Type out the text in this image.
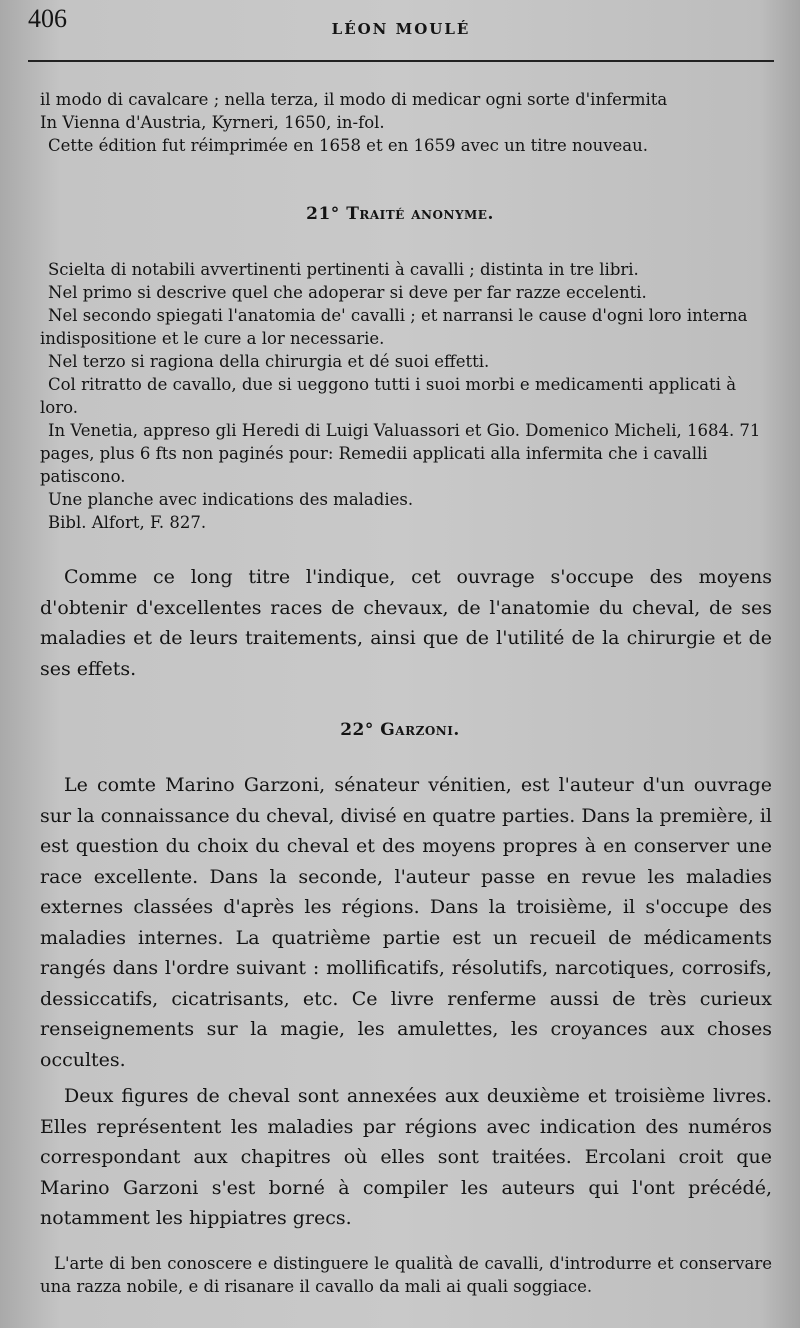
406	LÉON MOULÉ

il modo di cavalcare ; nella terza, il modo di medicar ogni sorte d'infermita

In Vienna d'Austria, Kyrneri, 1650, in-fol.

Cette édition fut réimprimée en 1658 et en 1659 avec un titre nouveau.

21° Traité anonyme.

Scielta di notabili avvertinenti pertinenti à cavalli ; distinta in tre libri.

Nel primo si descrive quel che adoperar si deve per far razze eccelenti.

Nel secondo spiegati l'anatomia de' cavalli ; et narransi le cause d'ogni loro interna indispositione et le cure a lor necessarie.

Nel terzo si ragiona della chirurgia et dé suoi effetti.

Col ritratto de cavallo, due si ueggono tutti i suoi morbi e medicamenti applicati à loro.

In Venetia, appreso gli Heredi di Luigi Valuassori et Gio. Domenico Micheli, 1684. 71 pages, plus 6 fts non paginés pour: Remedii applicati alla infermita che i cavalli patiscono.

Une planche avec indications des maladies.

Bibl. Alfort, F. 827.

Comme ce long titre l'indique, cet ouvrage s'occupe des moyens d'obtenir d'excellentes races de chevaux, de l'anatomie du cheval, de ses maladies et de leurs traitements, ainsi que de l'utilité de la chirurgie et de ses effets.

22° Garzoni.

Le comte Marino Garzoni, sénateur vénitien, est l'auteur d'un ouvrage sur la connaissance du cheval, divisé en quatre parties. Dans la première, il est question du choix du cheval et des moyens propres à en conserver une race excellente. Dans la seconde, l'auteur passe en revue les maladies externes classées d'après les régions. Dans la troisième, il s'occupe des maladies internes. La quatrième partie est un recueil de médicaments rangés dans l'ordre suivant : mollificatifs, résolutifs, narcotiques, corrosifs, dessiccatifs, cicatrisants, etc. Ce livre renferme aussi de très curieux renseignements sur la magie, les amulettes, les croyances aux choses occultes.

Deux figures de cheval sont annexées aux deuxième et troisième livres. Elles représentent les maladies par régions avec indication des numéros correspondant aux chapitres où elles sont traitées. Ercolani croit que Marino Garzoni s'est borné à compiler les auteurs qui l'ont précédé, notamment les hippiatres grecs.

L'arte di ben conoscere e distinguere le qualità de cavalli, d'introdurre et conservare una razza nobile, e di risanare il cavallo da mali ai quali soggiace.
